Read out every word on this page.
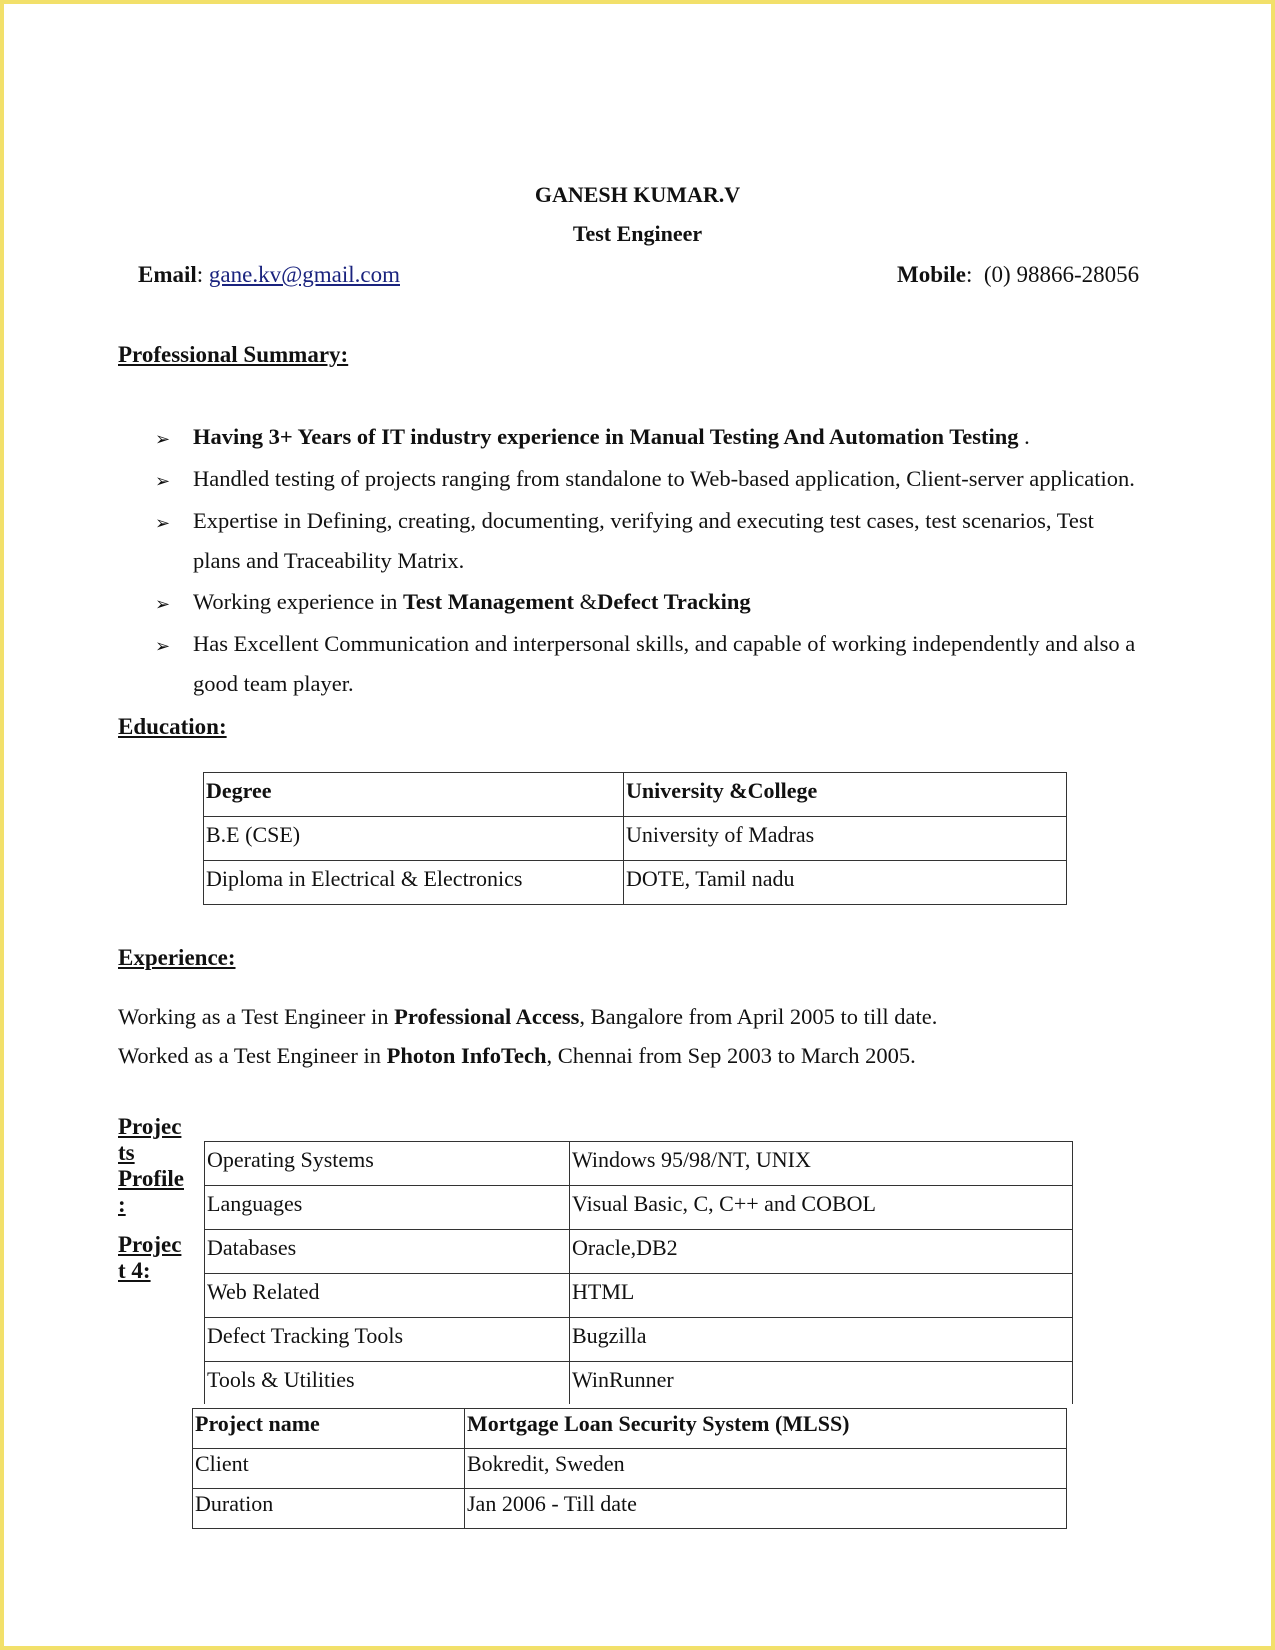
GANESH KUMAR.V
Test Engineer
Email: gane.kv@gmail.com	Mobile:  (0) 98866-28056
Professional Summary:
➢ Having 3+ Years of IT industry experience in Manual Testing And Automation Testing .
➢ Handled testing of projects ranging from standalone to Web-based application, Client-server application.
➢ Expertise in Defining, creating, documenting, verifying and executing test cases, test scenarios, Test
plans and Traceability Matrix.
➢ Working experience in Test Management &Defect Tracking
➢ Has Excellent Communication and interpersonal skills, and capable of working independently and also a
good team player.
Education:
Degree	University &College
B.E (CSE)	University of Madras
Diploma in Electrical & Electronics	DOTE, Tamil nadu
Experience:
Working as a Test Engineer in Professional Access, Bangalore from April 2005 to till date.
Worked as a Test Engineer in Photon InfoTech, Chennai from Sep 2003 to March 2005.
Projec
ts
Profile
:
Projec
t 4:
Operating Systems	Windows 95/98/NT, UNIX
Languages	Visual Basic, C, C++ and COBOL
Databases	Oracle,DB2
Web Related	HTML
Defect Tracking Tools	Bugzilla
Tools & Utilities	WinRunner
Project name	Mortgage Loan Security System (MLSS)
Client	Bokredit, Sweden
Duration	Jan 2006 - Till date
